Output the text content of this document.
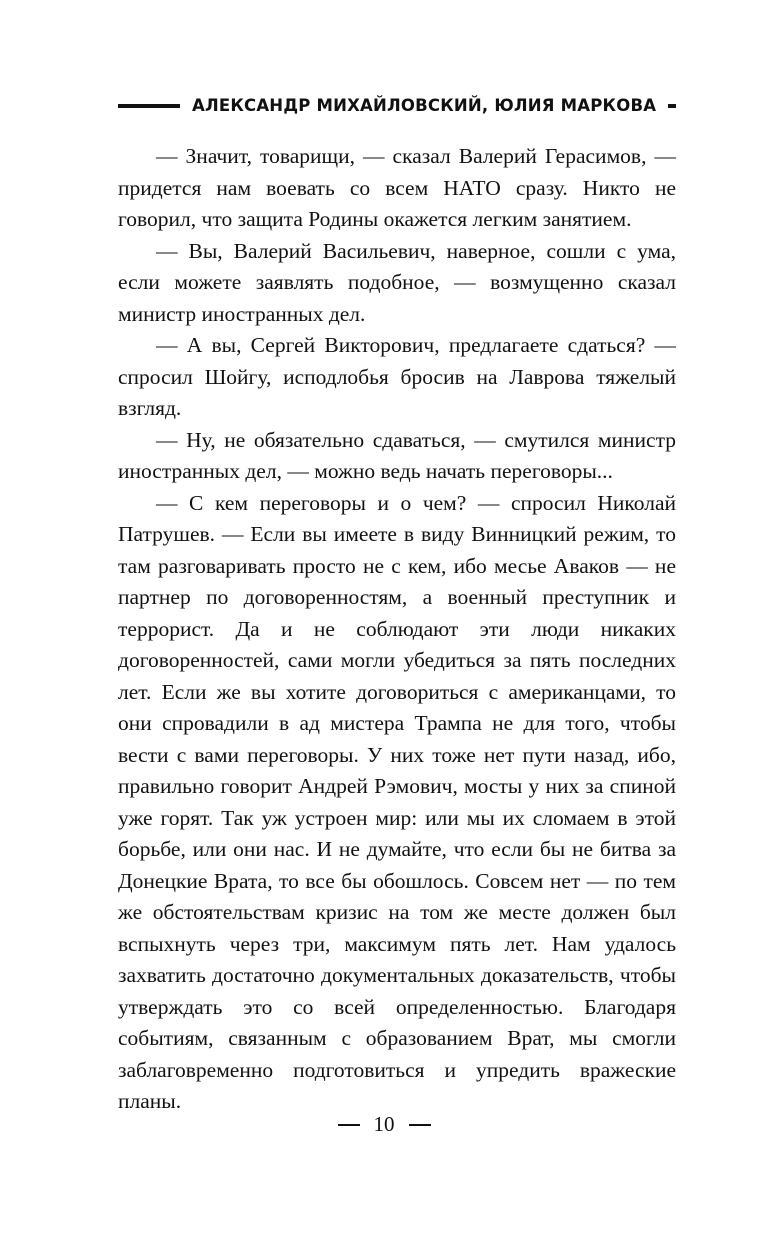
АЛЕКСАНДР МИХАЙЛОВСКИЙ, ЮЛИЯ МАРКОВА

— Значит, товарищи, — сказал Валерий Герасимов, — придется нам воевать со всем НАТО сразу. Никто не говорил, что защита Родины окажется легким занятием.

— Вы, Валерий Васильевич, наверное, сошли с ума, если можете заявлять подобное, — возмущенно сказал министр иностранных дел.

— А вы, Сергей Викторович, предлагаете сдаться? — спросил Шойгу, исподлобья бросив на Лаврова тяжелый взгляд.

— Ну, не обязательно сдаваться, — смутился министр иностранных дел, — можно ведь начать переговоры...

— С кем переговоры и о чем? — спросил Николай Патрушев. — Если вы имеете в виду Винницкий режим, то там разговаривать просто не с кем, ибо месье Аваков — не партнер по договоренностям, а военный преступник и террорист. Да и не соблюдают эти люди никаких договоренностей, сами могли убедиться за пять последних лет. Если же вы хотите договориться с американцами, то они спровадили в ад мистера Трампа не для того, чтобы вести с вами переговоры. У них тоже нет пути назад, ибо, правильно говорит Андрей Рэмович, мосты у них за спиной уже горят. Так уж устроен мир: или мы их сломаем в этой борьбе, или они нас. И не думайте, что если бы не битва за Донецкие Врата, то все бы обошлось. Совсем нет — по тем же обстоятельствам кризис на том же месте должен был вспыхнуть через три, максимум пять лет. Нам удалось захватить достаточно документальных доказательств, чтобы утверждать это со всей определенностью. Благодаря событиям, связанным с образованием Врат, мы смогли заблаговременно подготовиться и упредить вражеские планы.

10
